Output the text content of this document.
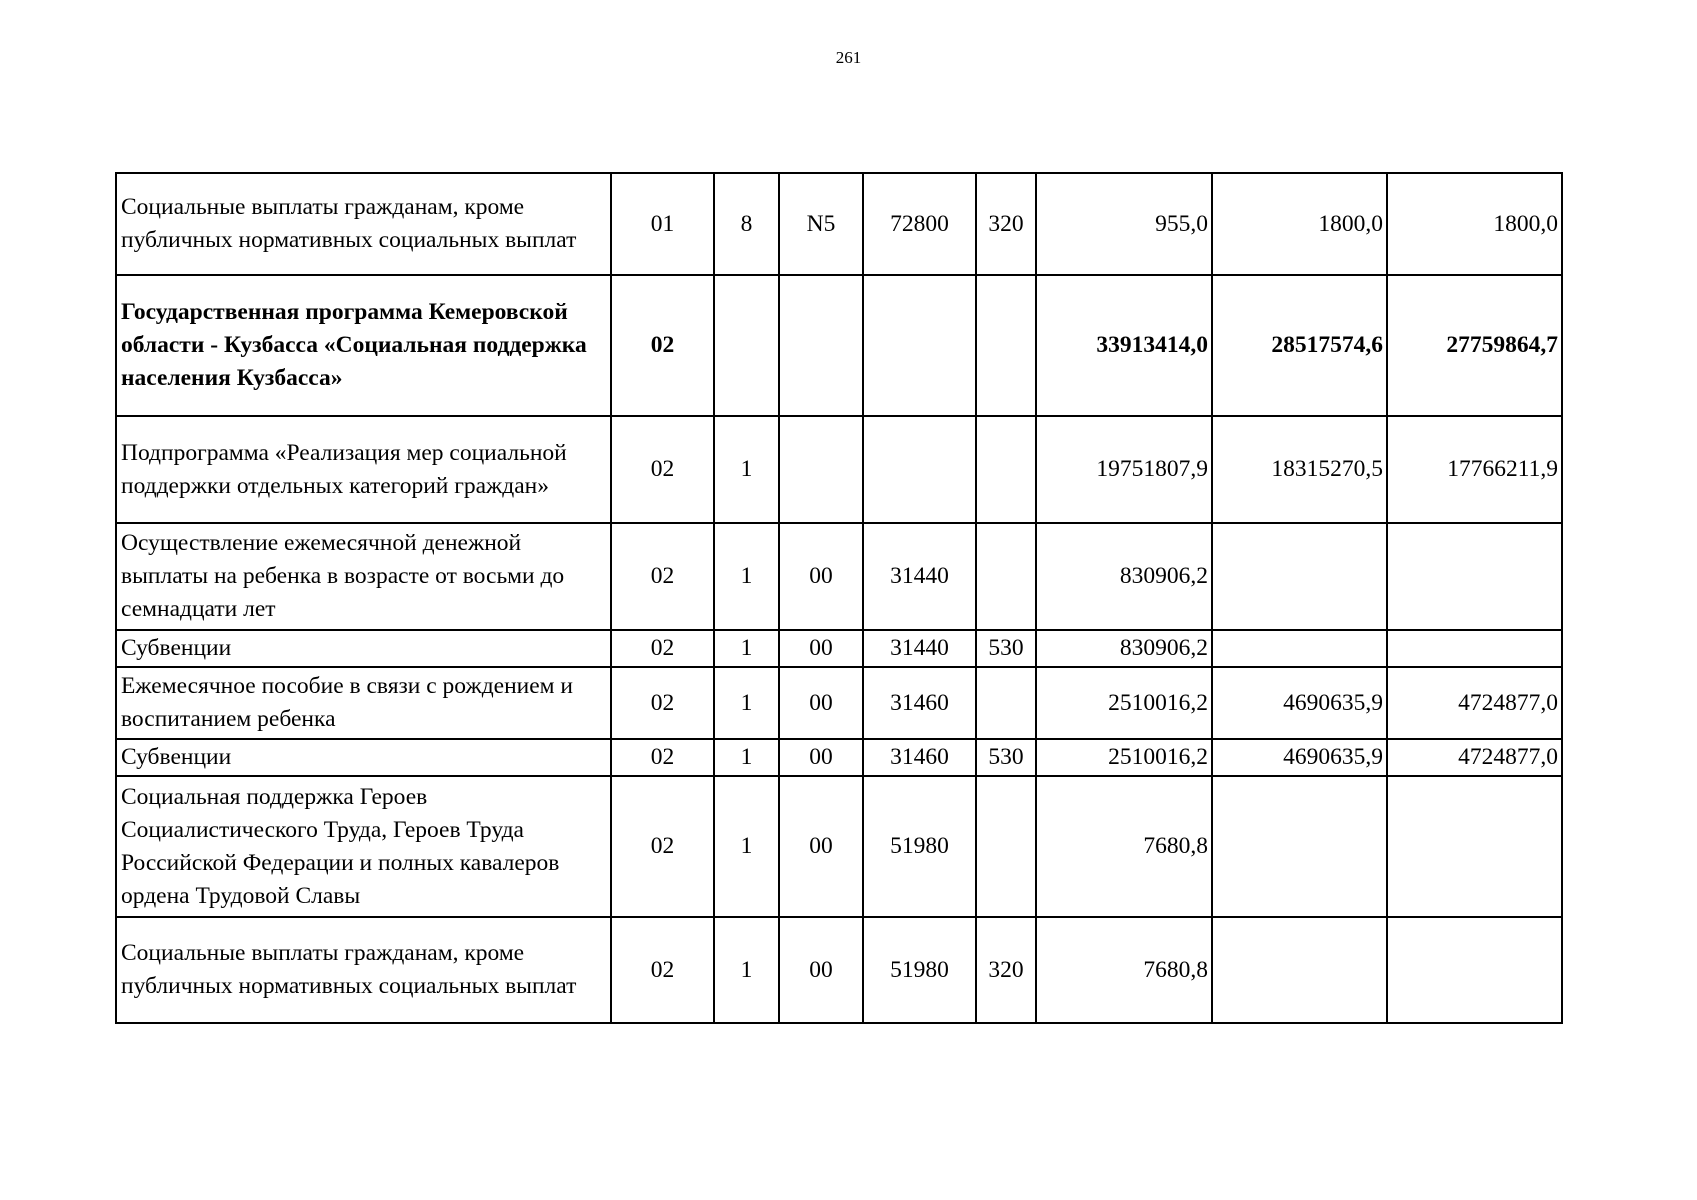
261
Социальные выплаты гражданам, кроме публичных нормативных социальных выплат	01	8	N5	72800	320	955,0	1800,0	1800,0
Государственная программа Кемеровской области - Кузбасса «Социальная поддержка населения Кузбасса»	02					33913414,0	28517574,6	27759864,7
Подпрограмма «Реализация мер социальной поддержки отдельных категорий граждан»	02	1				19751807,9	18315270,5	17766211,9
Осуществление ежемесячной денежной выплаты на ребенка в возрасте от восьми до семнадцати лет	02	1	00	31440		830906,2		
Субвенции	02	1	00	31440	530	830906,2		
Ежемесячное пособие в связи с рождением и воспитанием ребенка	02	1	00	31460		2510016,2	4690635,9	4724877,0
Субвенции	02	1	00	31460	530	2510016,2	4690635,9	4724877,0
Социальная поддержка Героев Социалистического Труда, Героев Труда Российской Федерации и полных кавалеров ордена Трудовой Славы	02	1	00	51980		7680,8		
Социальные выплаты гражданам, кроме публичных нормативных социальных выплат	02	1	00	51980	320	7680,8		
